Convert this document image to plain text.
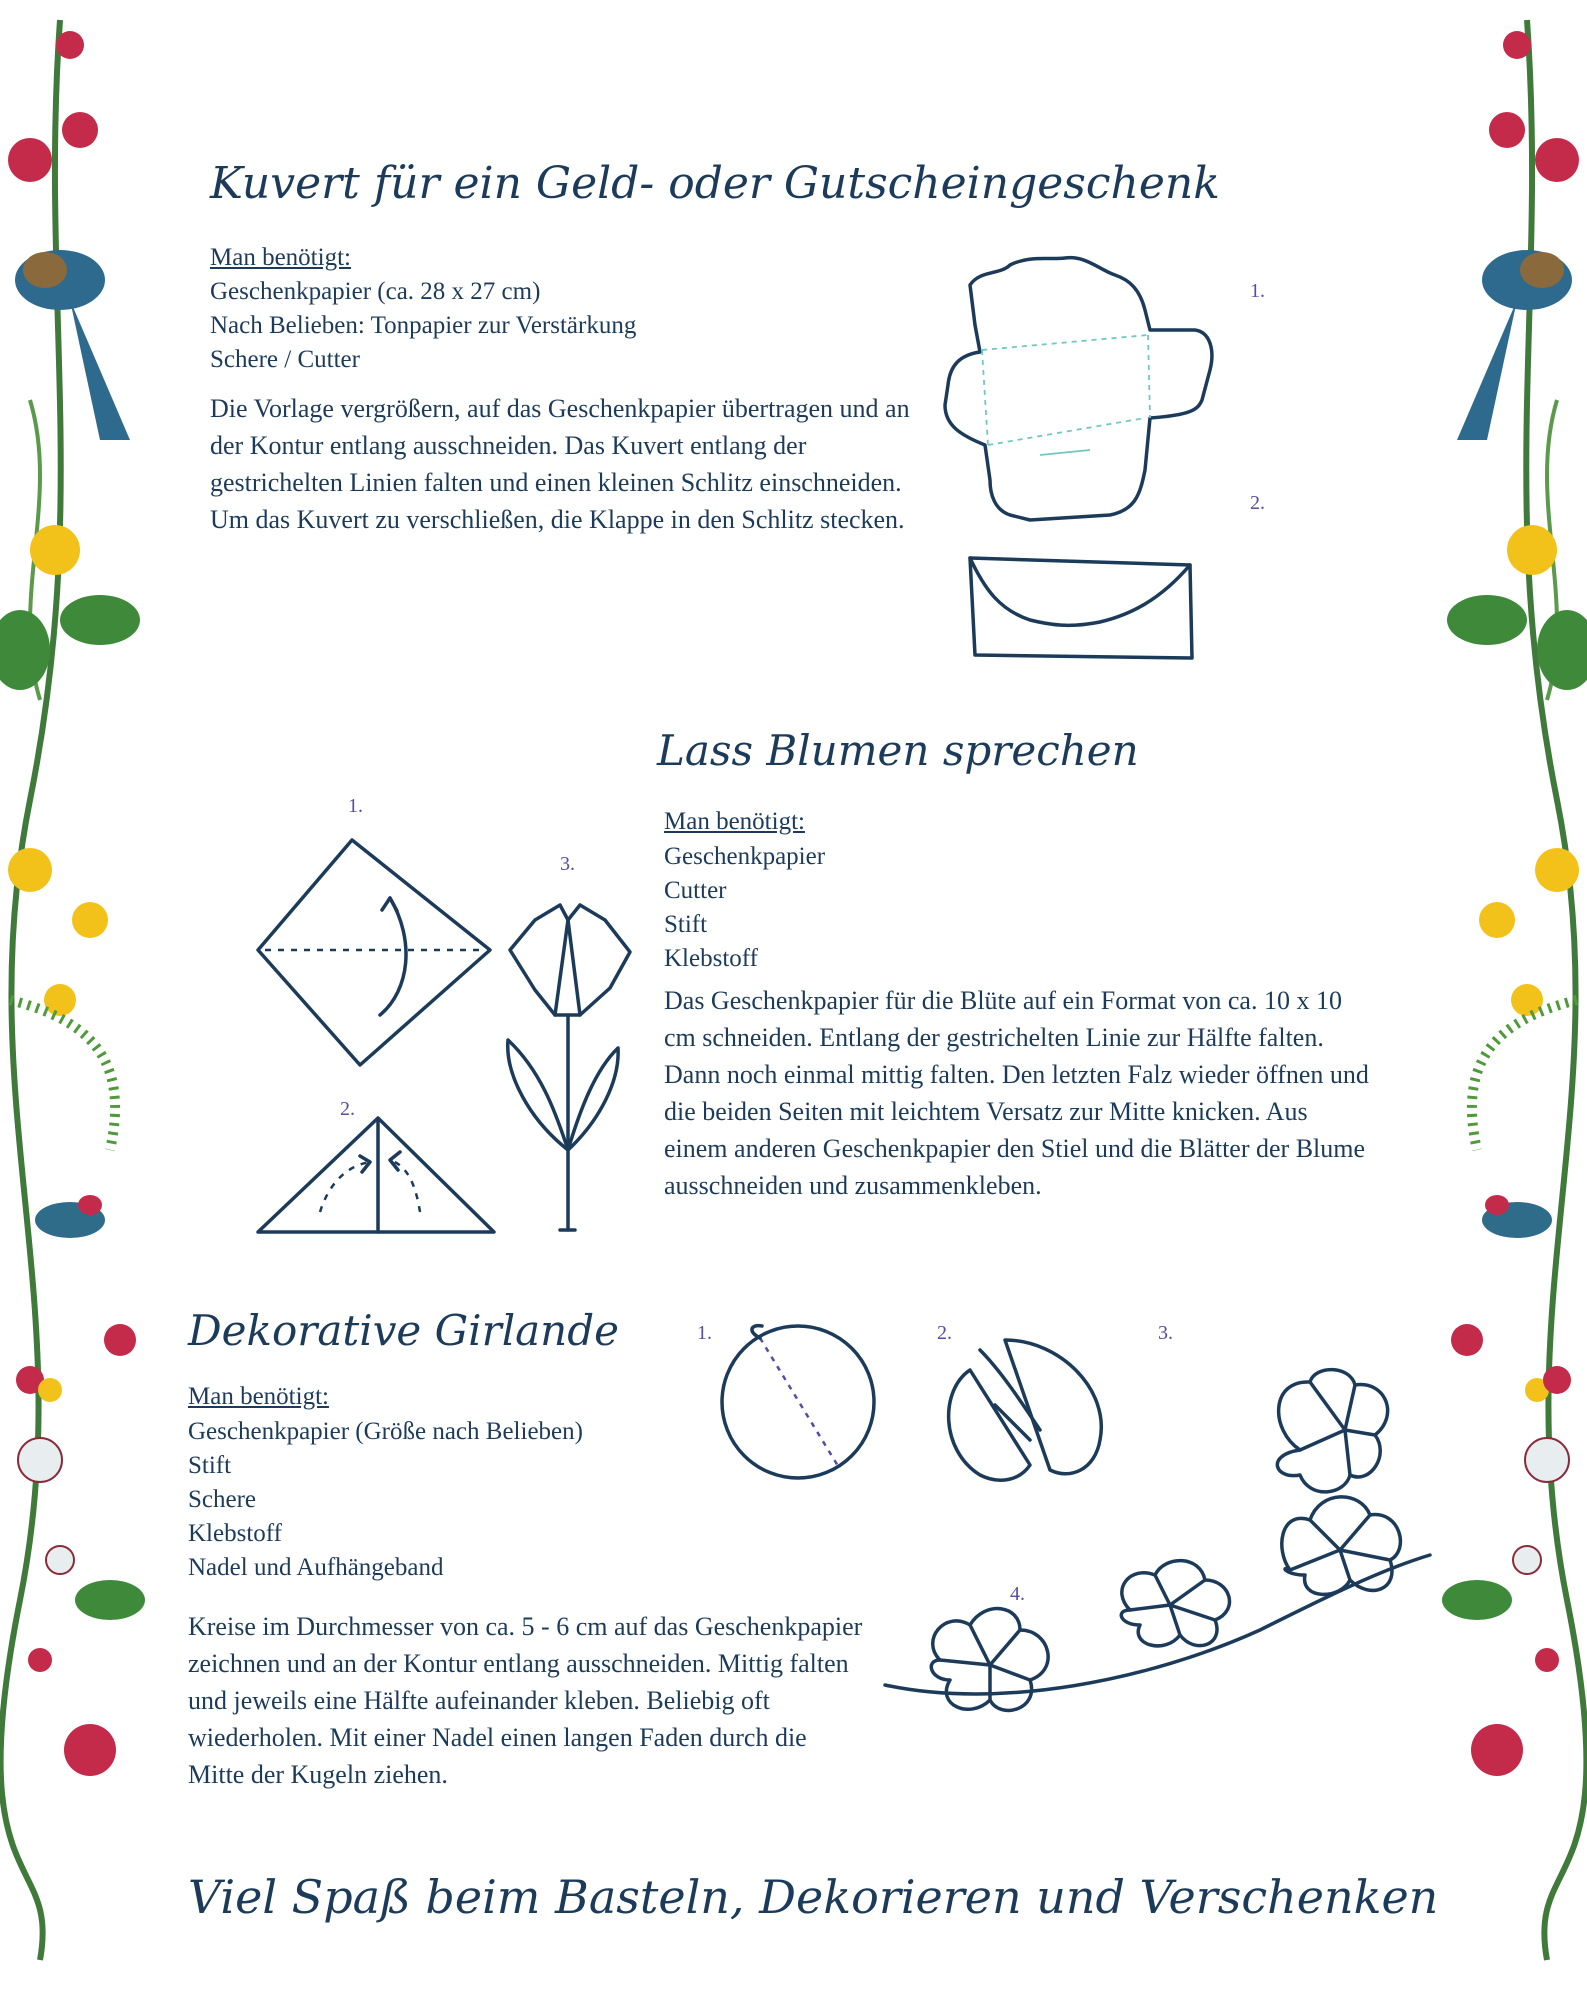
Kuvert für ein Geld- oder Gutscheingeschenk
Man benötigt:
Geschenkpapier (ca. 28 x 27 cm)
Nach Belieben: Tonpapier zur Verstärkung
Schere / Cutter

Die Vorlage vergrößern, auf das Geschenkpapier übertragen und an der Kontur entlang ausschneiden. Das Kuvert entlang der gestrichelten Linien falten und einen kleinen Schlitz einschneiden. Um das Kuvert zu verschließen, die Klappe in den Schlitz stecken.

1.
2.
Lass Blumen sprechen
Man benötigt:
Geschenkpapier
Cutter
Stift
Klebstoff

Das Geschenkpapier für die Blüte auf ein Format von ca. 10 x 10 cm schneiden. Entlang der gestrichelten Linie zur Hälfte falten. Dann noch einmal mittig falten. Den letzten Falz wieder öffnen und die beiden Seiten mit leichtem Versatz zur Mitte knicken. Aus einem anderen Geschenkpapier den Stiel und die Blätter der Blume ausschneiden und zusammenkleben.

1.
2.
3.
Dekorative Girlande
Man benötigt:
Geschenkpapier (Größe nach Belieben)
Stift
Schere
Klebstoff
Nadel und Aufhängeband

Kreise im Durchmesser von ca. 5 - 6 cm auf das Geschenkpapier zeichnen und an der Kontur entlang ausschneiden. Mittig falten und jeweils eine Hälfte aufeinander kleben. Beliebig oft wiederholen. Mit einer Nadel einen langen Faden durch die Mitte der Kugeln ziehen.

1.	2.	3.
4.
Viel Spaß beim Basteln, Dekorieren und Verschenken
